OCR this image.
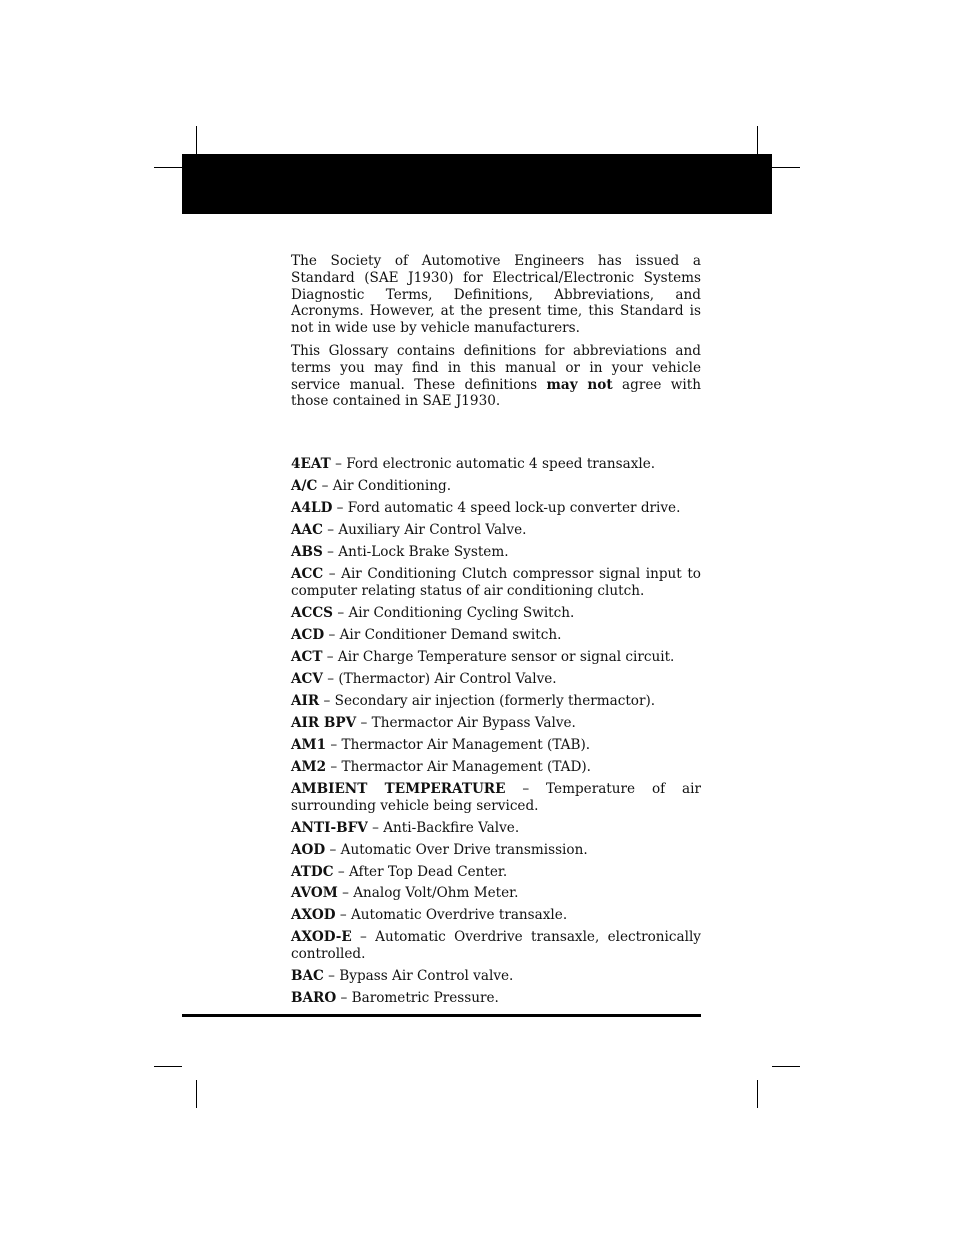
The Society of Automotive Engineers has issued a Standard (SAE J1930) for Electrical/Electronic Systems Diagnostic Terms, Definitions, Abbreviations, and Acronyms. However, at the present time, this Standard is not in wide use by vehicle manufacturers.

This Glossary contains definitions for abbreviations and terms you may find in this manual or in your vehicle service manual. These definitions may not agree with those contained in SAE J1930.

4EAT – Ford electronic automatic 4 speed transaxle.

A/C – Air Conditioning.

A4LD – Ford automatic 4 speed lock-up converter drive.

AAC – Auxiliary Air Control Valve.

ABS – Anti-Lock Brake System.

ACC – Air Conditioning Clutch compressor signal input to computer relating status of air conditioning clutch.

ACCS – Air Conditioning Cycling Switch.

ACD – Air Conditioner Demand switch.

ACT – Air Charge Temperature sensor or signal circuit.

ACV – (Thermactor) Air Control Valve.

AIR – Secondary air injection (formerly thermactor).

AIR BPV – Thermactor Air Bypass Valve.

AM1 – Thermactor Air Management (TAB).

AM2 – Thermactor Air Management (TAD).

AMBIENT TEMPERATURE – Temperature of air surrounding vehicle being serviced.

ANTI-BFV – Anti-Backfire Valve.

AOD – Automatic Over Drive transmission.

ATDC – After Top Dead Center.

AVOM – Analog Volt/Ohm Meter.

AXOD – Automatic Overdrive transaxle.

AXOD-E – Automatic Overdrive transaxle, electronically controlled.

BAC – Bypass Air Control valve.

BARO – Barometric Pressure.
